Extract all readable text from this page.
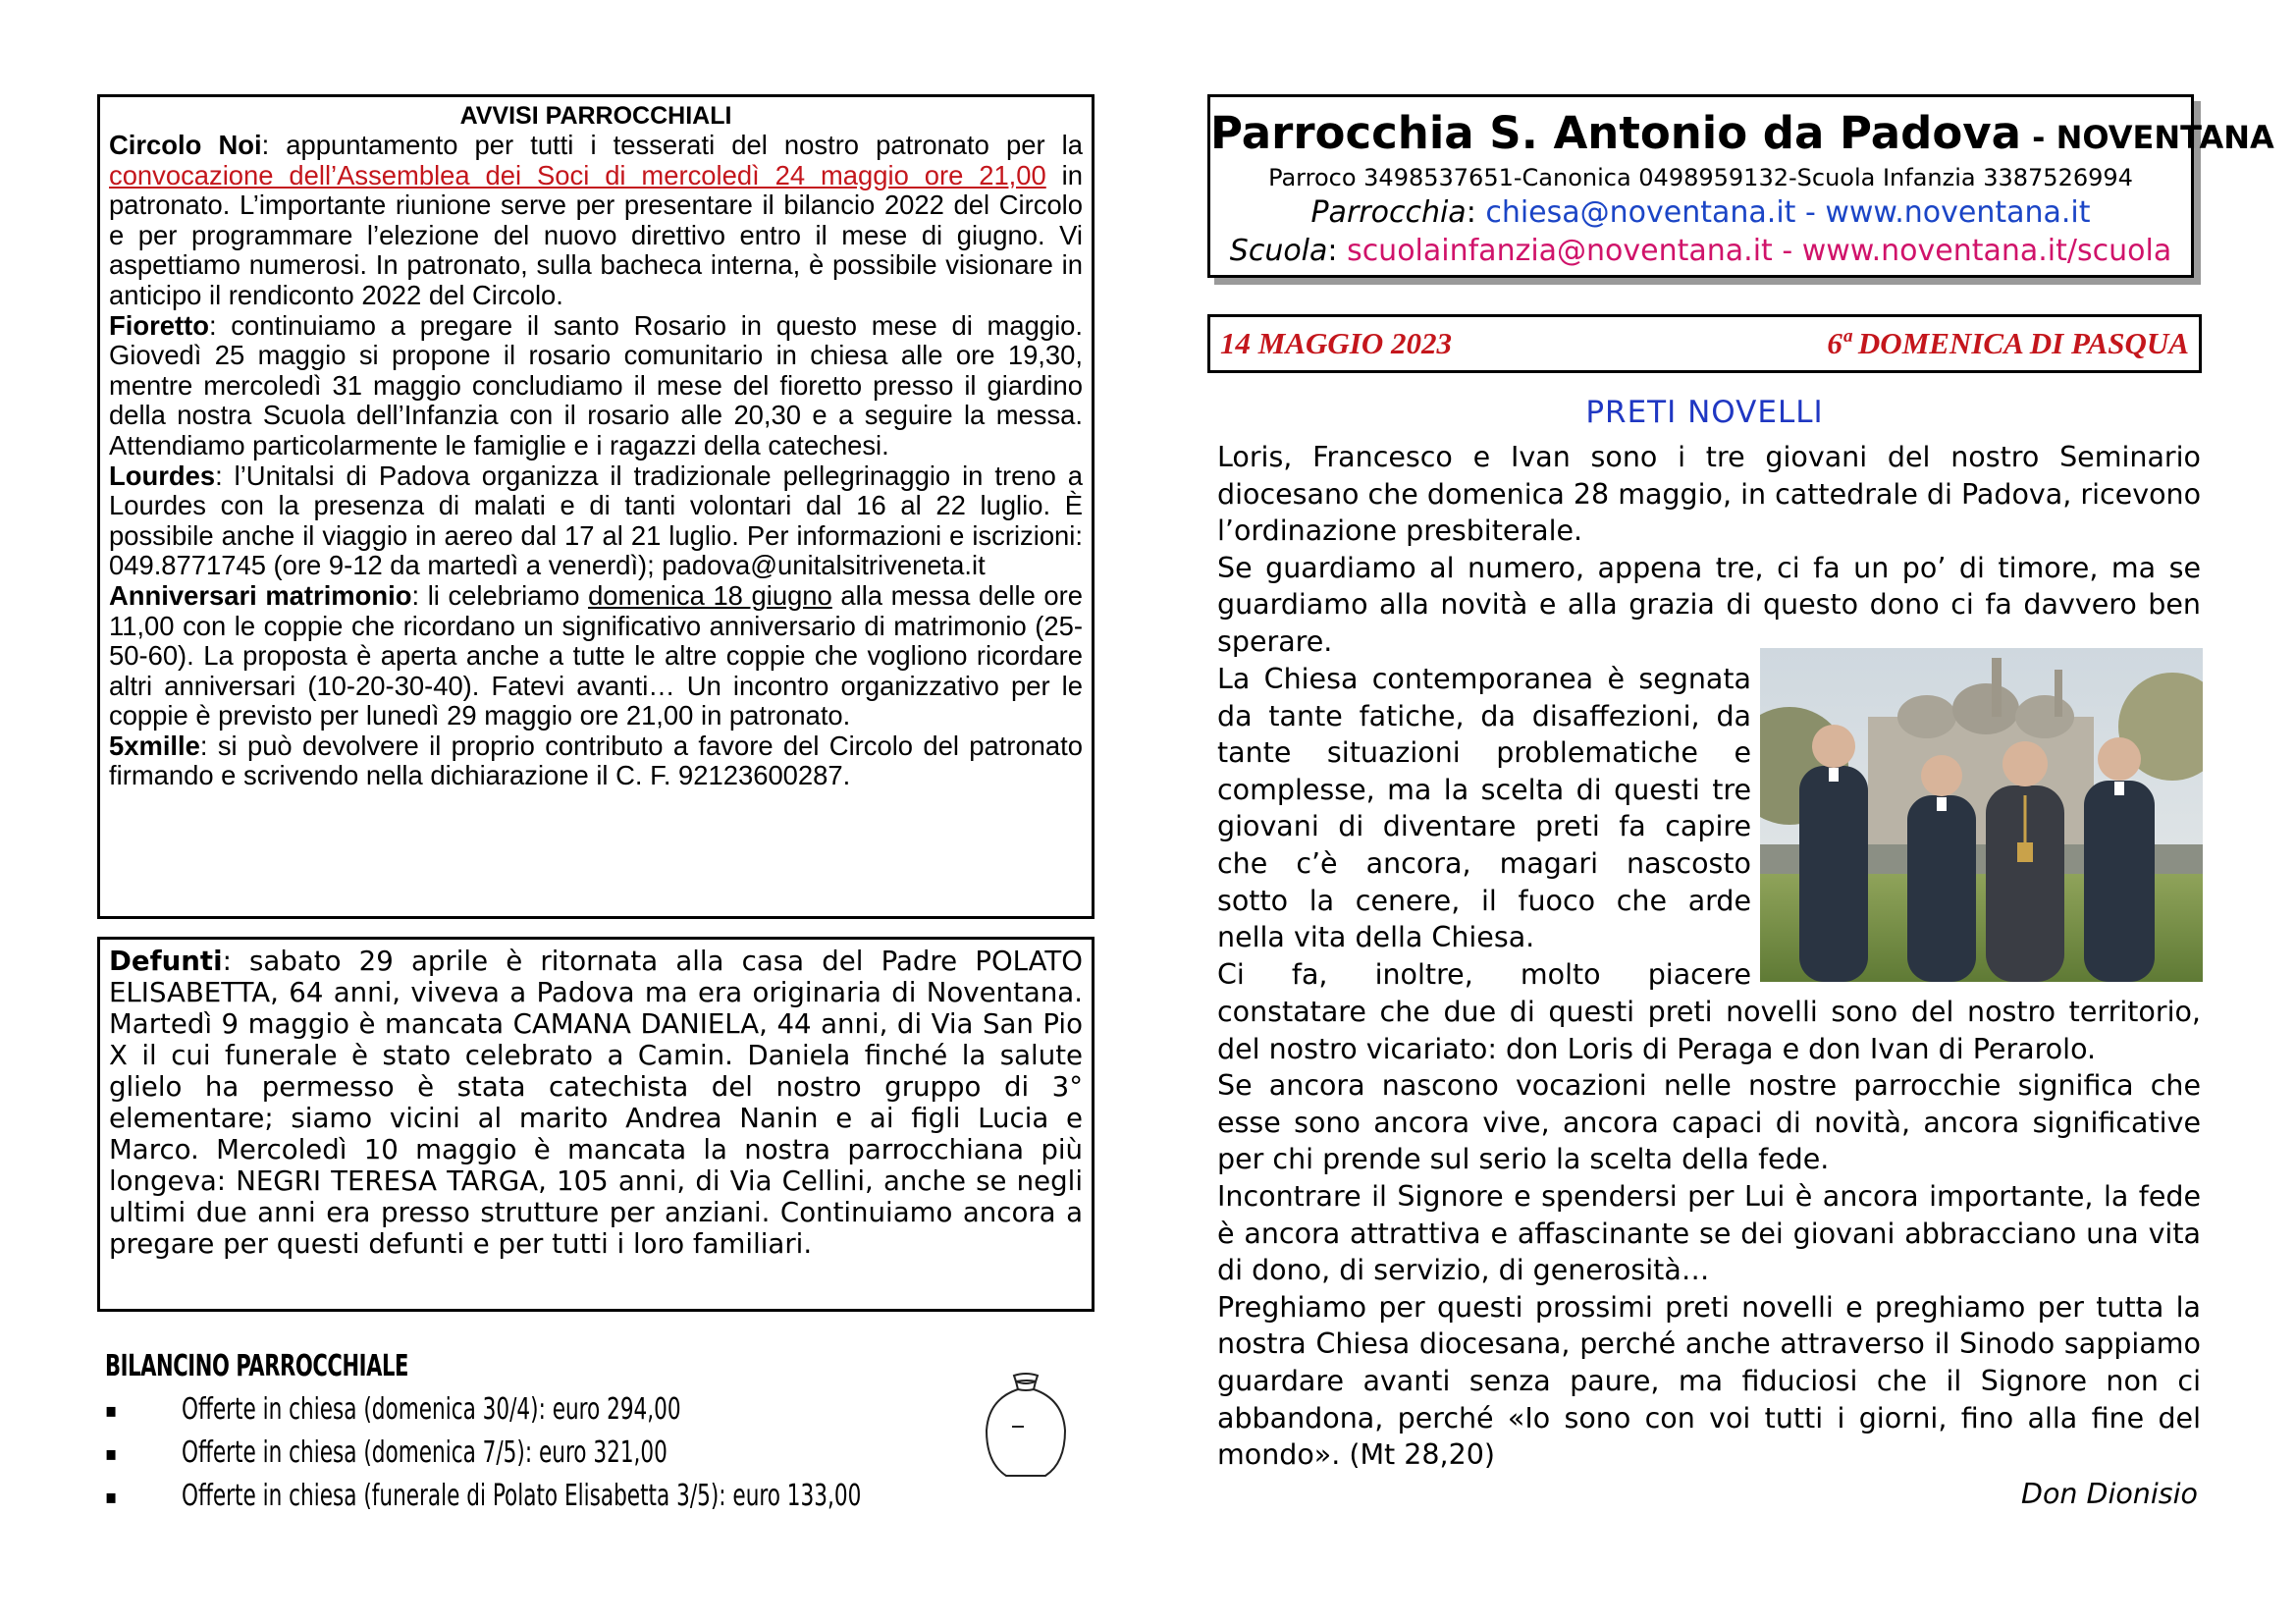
AVVISI PARROCCHIALI

Circolo Noi: appuntamento per tutti i tesserati del nostro patronato per la convocazione dell’Assemblea dei Soci di mercoledì 24 maggio ore 21,00 in patronato. L’importante riunione serve per presentare il bilancio 2022 del Circolo e per programmare l’elezione del nuovo direttivo entro il mese di giugno. Vi aspettiamo numerosi. In patronato, sulla bacheca interna, è possibile visionare in anticipo il rendiconto 2022 del Circolo.

Fioretto: continuiamo a pregare il santo Rosario in questo mese di maggio. Giovedì 25 maggio si propone il rosario comunitario in chiesa alle ore 19,30, mentre mercoledì 31 maggio concludiamo il mese del fioretto presso il giardino della nostra Scuola dell’Infanzia con il rosario alle 20,30 e a seguire la messa. Attendiamo particolarmente le famiglie e i ragazzi della catechesi.

Lourdes: l’Unitalsi di Padova organizza il tradizionale pellegrinaggio in treno a Lourdes con la presenza di malati e di tanti volontari dal 16 al 22 luglio. È possibile anche il viaggio in aereo dal 17 al 21 luglio. Per informazioni e iscrizioni: 049.8771745 (ore 9-12 da martedì a venerdì); padova@unitalsitriveneta.it

Anniversari matrimonio: li celebriamo domenica 18 giugno alla messa delle ore 11,00 con le coppie che ricordano un significativo anniversario di matrimonio (25-50-60). La proposta è aperta anche a tutte le altre coppie che vogliono ricordare altri anniversari (10-20-30-40). Fatevi avanti… Un incontro organizzativo per le coppie è previsto per lunedì 29 maggio ore 21,00 in patronato.

5xmille: si può devolvere il proprio contributo a favore del Circolo del patronato firmando e scrivendo nella dichiarazione il C. F. 92123600287.

Defunti: sabato 29 aprile è ritornata alla casa del Padre POLATO ELISABETTA, 64 anni, viveva a Padova ma era originaria di Noventana. Martedì 9 maggio è mancata CAMANA DANIELA, 44 anni, di Via San Pio X il cui funerale è stato celebrato a Camin. Daniela finché la salute glielo ha permesso è stata catechista del nostro gruppo di 3° elementare; siamo vicini al marito Andrea Nanin e ai figli Lucia e Marco. Mercoledì 10 maggio è mancata la nostra parrocchiana più longeva: NEGRI TERESA TARGA, 105 anni, di Via Cellini, anche se negli ultimi due anni era presso strutture per anziani. Continuiamo ancora a pregare per questi defunti e per tutti i loro familiari.

BILANCINO PARROCCHIALE
▪ Offerte in chiesa (domenica 30/4): euro 294,00
▪ Offerte in chiesa (domenica 7/5): euro 321,00
▪ Offerte in chiesa (funerale di Polato Elisabetta 3/5): euro 133,00
Parrocchia S. Antonio da Padova - NOVENTANA
Parroco 3498537651-Canonica 0498959132-Scuola Infanzia 3387526994
Parrocchia: chiesa@noventana.it - www.noventana.it
Scuola: scuolainfanzia@noventana.it - www.noventana.it/scuola
14 MAGGIO 2023	6ª DOMENICA DI PASQUA
PRETI NOVELLI

Loris, Francesco e Ivan sono i tre giovani del nostro Seminario diocesano che domenica 28 maggio, in cattedrale di Padova, ricevono l’ordinazione presbiterale.

Se guardiamo al numero, appena tre, ci fa un po’ di timore, ma se guardiamo alla novità e alla grazia di questo dono ci fa davvero ben sperare.

La Chiesa contemporanea è segnata da tante fatiche, da disaffezioni, da tante situazioni problematiche e complesse, ma la scelta di questi tre giovani di diventare preti fa capire che c’è ancora, magari nascosto sotto la cenere, il fuoco che arde nella vita della Chiesa.

Ci fa, inoltre, molto piacere

constatare che due di questi preti novelli sono del nostro territorio, del nostro vicariato: don Loris di Peraga e don Ivan di Perarolo.

Se ancora nascono vocazioni nelle nostre parrocchie significa che esse sono ancora vive, ancora capaci di novità, ancora significative per chi prende sul serio la scelta della fede.

Incontrare il Signore e spendersi per Lui è ancora importante, la fede è ancora attrattiva e affascinante se dei giovani abbracciano una vita di dono, di servizio, di generosità…

Preghiamo per questi prossimi preti novelli e preghiamo per tutta la nostra Chiesa diocesana, perché anche attraverso il Sinodo sappiamo guardare avanti senza paure, ma fiduciosi che il Signore non ci abbandona, perché «Io sono con voi tutti i giorni, fino alla fine del mondo». (Mt 28,20)

Don Dionisio
